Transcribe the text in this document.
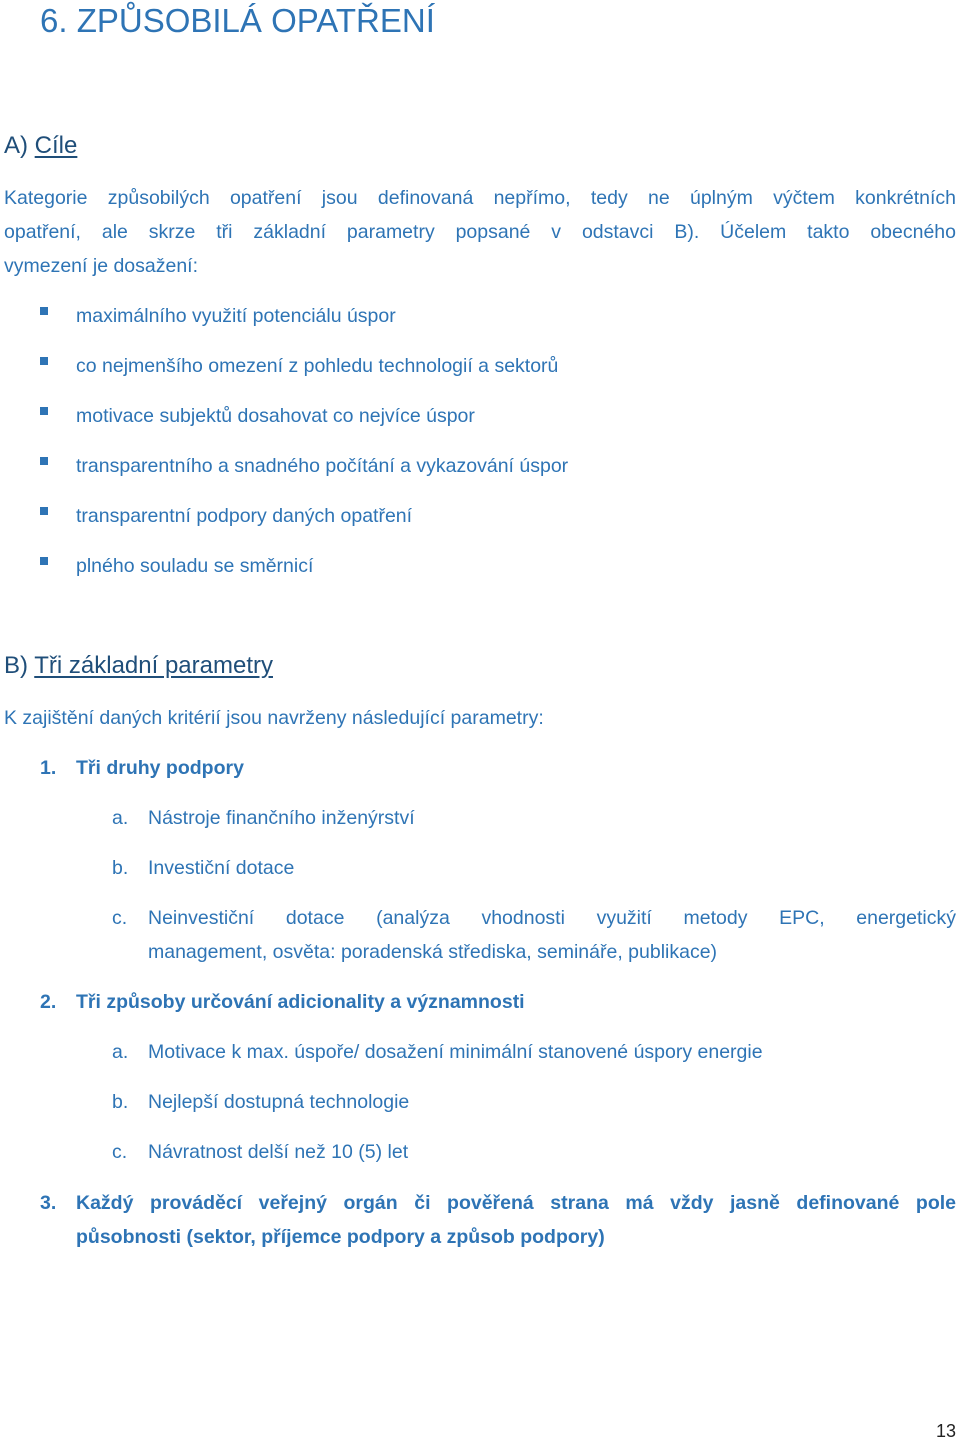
6. ZPŮSOBILÁ OPATŘENÍ
A) Cíle
Kategorie způsobilých opatření jsou definovaná nepřímo, tedy ne úplným výčtem konkrétních
opatření, ale skrze tři základní parametry popsané v odstavci B). Účelem takto obecného
vymezení je dosažení:
maximálního využití potenciálu úspor
co nejmenšího omezení z pohledu technologií a sektorů
motivace subjektů dosahovat co nejvíce úspor
transparentního a snadného počítání a vykazování úspor
transparentní podpory daných opatření
plného souladu se směrnicí
B) Tři základní parametry
K zajištění daných kritérií jsou navrženy následující parametry:
1. Tři druhy podpory
a. Nástroje finančního inženýrství
b. Investiční dotace
c. Neinvestiční dotace (analýza vhodnosti využití metody EPC, energetický
management, osvěta: poradenská střediska, semináře, publikace)
2. Tři způsoby určování adicionality a významnosti
a. Motivace k max. úspoře/ dosažení minimální stanovené úspory energie
b. Nejlepší dostupná technologie
c. Návratnost delší než 10 (5) let
3. Každý prováděcí veřejný orgán či pověřená strana má vždy jasně definované pole
působnosti (sektor, příjemce podpory a způsob podpory)
13
